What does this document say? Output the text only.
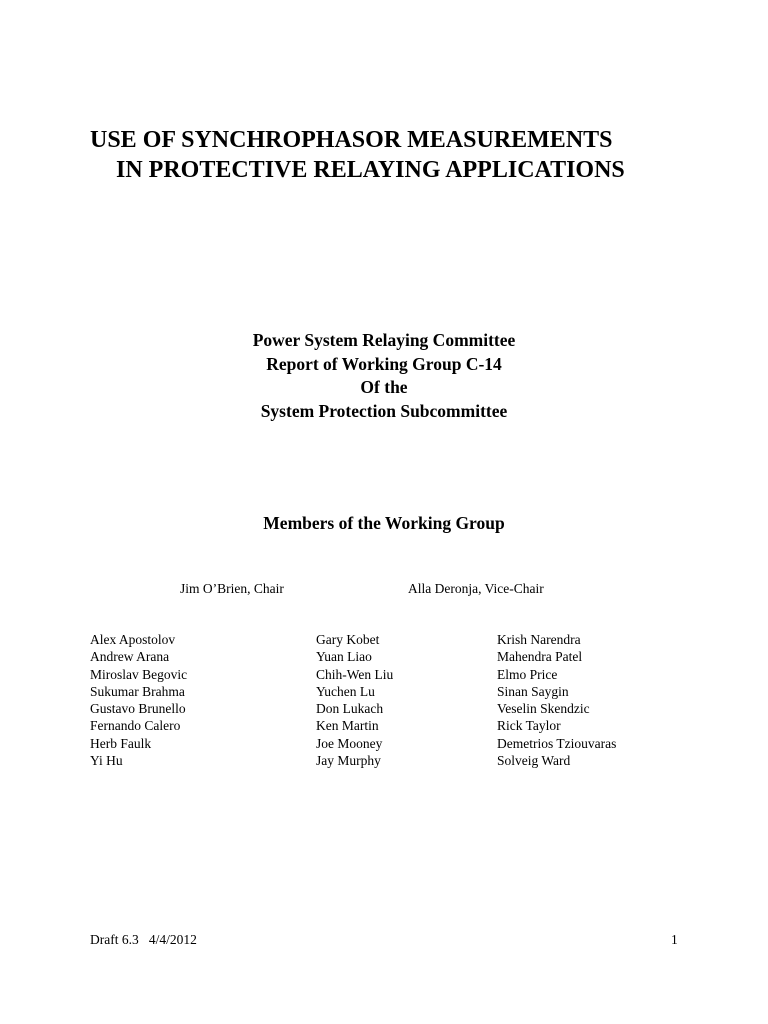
USE OF SYNCHROPHASOR MEASUREMENTS
IN PROTECTIVE RELAYING APPLICATIONS
Power System Relaying Committee
Report of Working Group C-14
Of the
System Protection Subcommittee
Members of the Working Group
Jim O’Brien, Chair	Alla Deronja, Vice-Chair
Alex Apostolov
Andrew Arana
Miroslav Begovic
Sukumar Brahma
Gustavo Brunello
Fernando Calero
Herb Faulk
Yi Hu
Gary Kobet
Yuan Liao
Chih-Wen Liu
Yuchen Lu
Don Lukach
Ken Martin
Joe Mooney
Jay Murphy
Krish Narendra
Mahendra Patel
Elmo Price
Sinan Saygin
Veselin Skendzic
Rick Taylor
Demetrios Tziouvaras
Solveig Ward
Draft 6.3   4/4/2012	1
